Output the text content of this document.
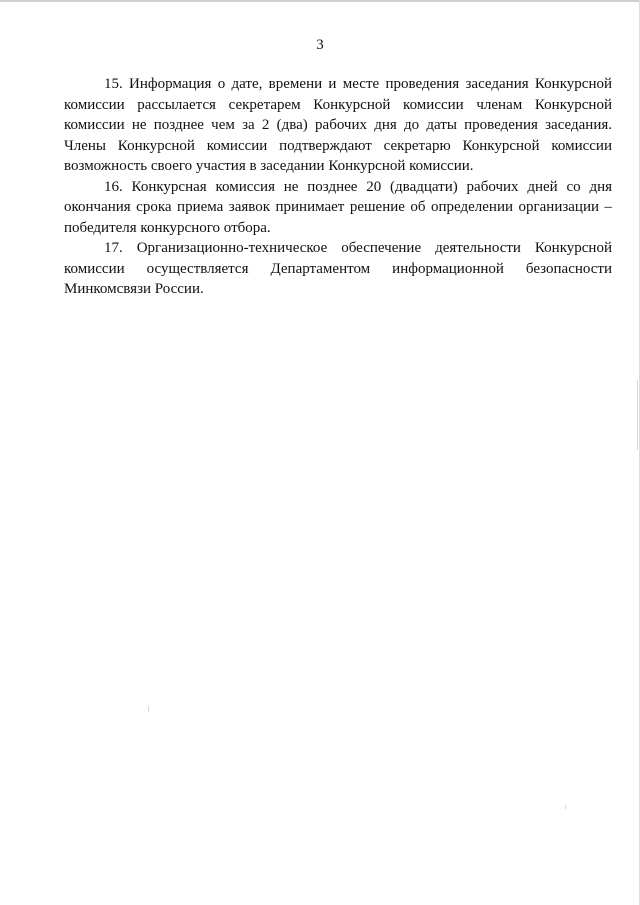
3

15. Информация о дате, времени и месте проведения заседания Конкурсной комиссии рассылается секретарем Конкурсной комиссии членам Конкурсной комиссии не позднее чем за 2 (два) рабочих дня до даты проведения заседания. Члены Конкурсной комиссии подтверждают секретарю Конкурсной комиссии возможность своего участия в заседании Конкурсной комиссии.

16. Конкурсная комиссия не позднее 20 (двадцати) рабочих дней со дня окончания срока приема заявок принимает решение об определении организации – победителя конкурсного отбора.

17. Организационно-техническое обеспечение деятельности Конкурсной комиссии осуществляется Департаментом информационной безопасности Минкомсвязи России.
